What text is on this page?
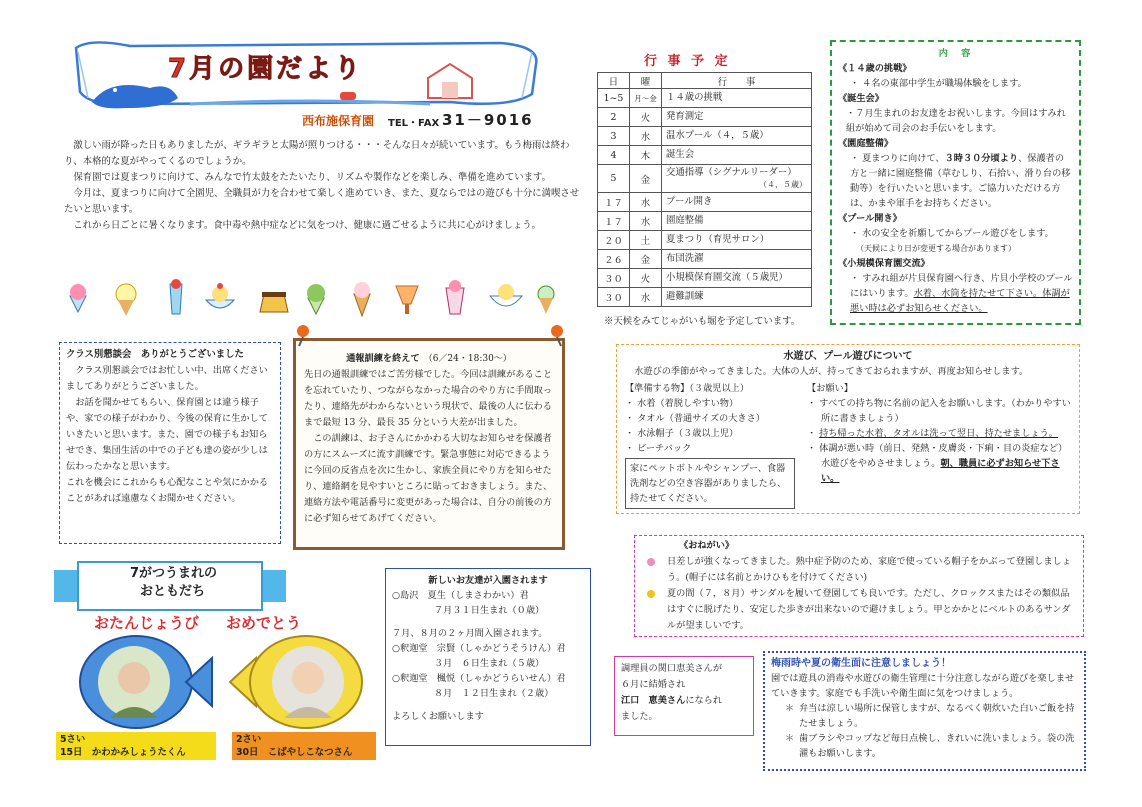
7月の園だより
西布施保育園 TEL・FAX 31－9016

激しい雨が降った日もありましたが、ギラギラと太陽が照りつける・・・そんな日々が続いています。もう梅雨は終わり、本格的な夏がやってくるのでしょうか。

保育園では夏まつりに向けて、みんなで竹太鼓をたたいたり、リズムや製作などを楽しみ、準備を進めています。

今月は、夏まつりに向けて全園児、全職員が力を合わせて楽しく進めていき、また、夏ならではの遊びも十分に満喫させたいと思います。

これから日ごとに暑くなります。食中毒や熱中症などに気をつけ、健康に過ごせるように共に心がけましょう。

行 事 予 定
日	曜	行　　事
1~5	月～金	１４歳の挑戦

2	火	発育測定

3	水	温水プール（４，５歳）

4	木	誕生会

5	金	交通指導（シグナルリーダー）
（４，５歳）

１７	水	プール開き

１７	水	園庭整備

２０	土	夏まつり（育児サロン）

２６	金	布団洗濯

３０	火	小規模保育園交流（５歳児）

３０	水	避難訓練
※天候をみてじゃがいも堀を予定しています。
内　容
《１４歳の挑戦》
・ ４名の東部中学生が職場体験をします。
《誕生会》
・７月生まれのお友達をお祝いします。今回はすみれ組が始めて司会のお手伝いをします。
《園庭整備》
・ 夏まつりに向けて、３時３０分頃より、保護者の方と一緒に園庭整備（草むしり、石拾い、滑り台の移動等）を行いたいと思います。ご協力いただける方は、かまや軍手をお持ちください。
《プール開き》
・ 水の安全を祈願してからプール遊びをします。
（天候により日が変更する場合があります）
《小規模保育園交流》
・ すみれ組が片貝保育園へ行き、片貝小学校のプールにはいります。水着、水筒を持たせて下さい。体調が悪い時は必ずお知らせください。
クラス別懇談会　ありがとうございました

クラス別懇談会ではお忙しい中、出席くださいましてありがとうございました。

お話を聞かせてもらい、保育園とは違う様子や、家での様子がわかり、今後の保育に生かしていきたいと思います。また、園での様子もお知らせでき、集団生活の中での子ども達の姿が少しは伝わったかなと思います。

これを機会にこれからも心配なことや気にかかることがあれば遠慮なくお聞かせください。

通報訓練を終えて （6／24・18:30～）

先日の通報訓練ではご苦労様でした。今回は訓練があることを忘れていたり、つながらなかった場合のやり方に手間取ったり、連絡先がわからないという現状で、最後の人に伝わるまで最短 13 分、最長 35 分という大差が出ました。

この訓練は、お子さんにかかわる大切なお知らせを保護者の方にスムーズに流す訓練です。緊急事態に対応できるように今回の反省点を次に生かし、家族全員にやり方を知らせたり、連絡網を見やすいところに貼っておきましょう。また、連絡方法や電話番号に変更があった場合は、自分の前後の方に必ず知らせてあげてください。

水遊び、プール遊びについて
水遊びの季節がやってきました。大体の人が、持ってきておられますが、再度お知らせします。
【準備する物】（３歳児以上）
・ 水着（着脱しやすい物）
・ タオル（普通サイズの大きさ）
・ 水泳帽子（３歳以上児）
・ ビーチバック
家にペットボトルやシャンプー、食器洗剤などの空き容器がありましたら、持たせてください。
【お願い】
・ すべての持ち物に名前の記入をお願いします。（わかりやすい所に書きましょう）
・ 持ち帰った水着、タオルは洗って翌日、持たせましょう。
・ 体調が悪い時（前日、発熱・皮膚炎・下痢・目の炎症など）水遊びをやめさせましょう。朝、職員に必ずお知らせ下さい。
《おねがい》
日差しが強くなってきました。熱中症予防のため、家庭で使っている帽子をかぶって登園しましょう。(帽子には名前とかけひもを付けてください)
夏の間（７，８月）サンダルを履いて登園しても良いです。ただし、クロックスまたはその類似品はすぐに脱げたり、安定した歩きが出来ないので避けましょう。甲とかかとにベルトのあるサンダルが望ましいです。
7がつうまれの
おともだち
おたんじょうび おめでとう
5さい
15日　 かわかみしょうたくん
2さい
30日　 こばやしこなつさん
新しいお友達が入園されます
○島沢　夏生（しまさわかい）君
７月３１日生まれ（０歳）
７月、８月の２ヶ月間入園されます。
○釈迦堂　宗賢（しゃかどうそうけん）君
３月　６日生まれ（５歳）
○釈迦堂　楓悦（しゃかどうらいせん）君
８月　１２日生まれ（２歳）
よろしくお願いします
調理員の関口恵美さんが
６月に結婚され
江口　恵美さんになられ
ました。
梅雨時や夏の衛生面に注意しましょう！
園では遊具の消毒や水遊びの衛生管理に十分注意しながら遊びを楽しませていきます。家庭でも手洗いや衛生面に気をつけましょう。
＊ 弁当は涼しい場所に保管しますが、なるべく朝炊いた白いご飯を持たせましょう。
＊ 歯ブラシやコップなど毎日点検し、きれいに洗いましょう。袋の洗濯もお願いします。
